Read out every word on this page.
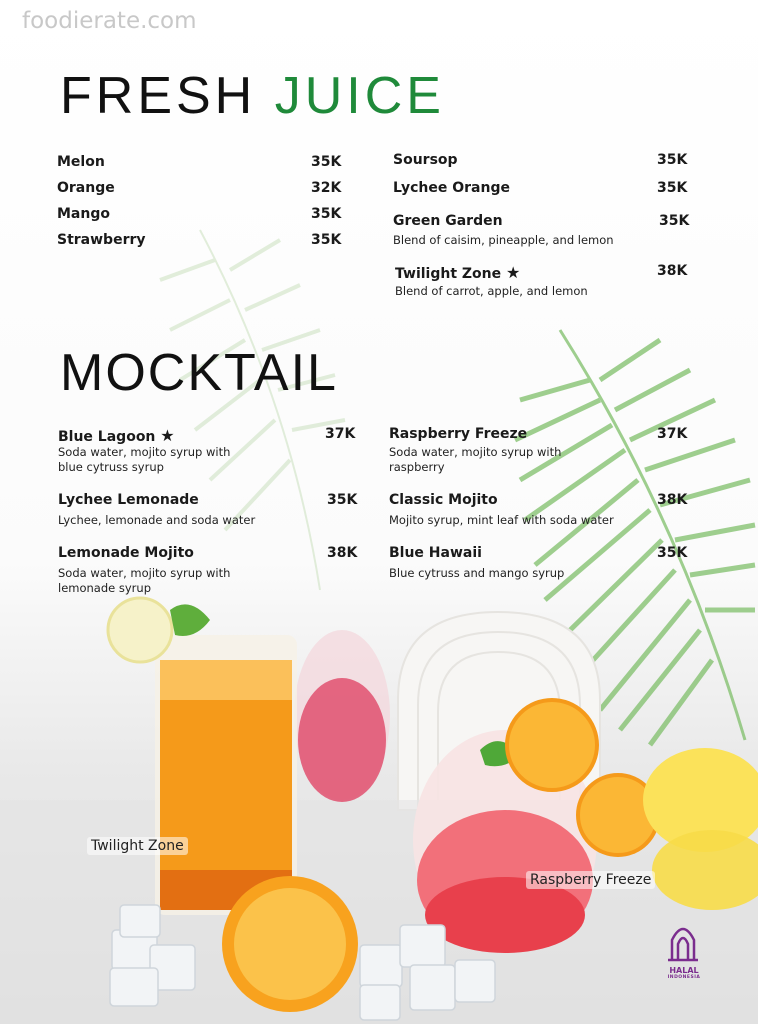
foodierate.com
FRESH JUICE
Melon	35K
Orange	32K
Mango	35K
Strawberry	35K
Soursop	35K
Lychee Orange	35K
Green Garden	35K
Blend of caisim, pineapple, and lemon
Twilight Zone ★	38K
Blend of carrot, apple, and lemon
MOCKTAIL
Blue Lagoon ★	37K
Soda water, mojito syrup with
blue cytruss syrup
Lychee Lemonade	35K
Lychee, lemonade and soda water
Lemonade Mojito	38K
Soda water, mojito syrup with
lemonade syrup
Raspberry Freeze	37K
Soda water, mojito syrup with
raspberry
Classic Mojito	38K
Mojito syrup, mint leaf with soda water
Blue Hawaii	35K
Blue cytruss and mango syrup
Twilight Zone
Raspberry Freeze
HALAL
INDONESIA
